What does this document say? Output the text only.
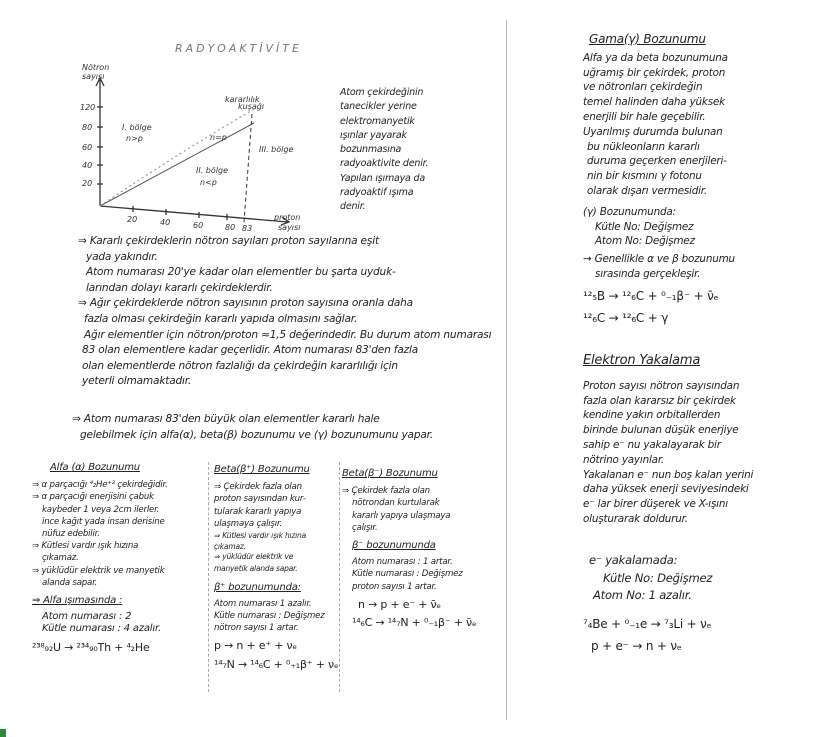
RADYOAKTİVİTE
Nötron
sayısı
proton
sayısı
120
80
60
40
20
20	40	60	80 83
kararlılık
kuşağı
n=p
I. bölge
n>p
II. bölge
n<p
III. bölge
Atom çekirdeğinin
tanecikler yerine
elektromanyetik
ışınlar yayarak
bozunmasına
radyoaktivite denir.
Yapılan ışımaya da
radyoaktif ışıma
denir.
⇒ Kararlı çekirdeklerin nötron sayıları proton sayılarına eşit
yada yakındır.
Atom numarası 20'ye kadar olan elementler bu şarta uyduk-
larından dolayı kararlı çekirdeklerdir.
⇒ Ağır çekirdeklerde nötron sayısının proton sayısına oranla daha
fazla olması çekirdeğin kararlı yapıda olmasını sağlar.
Ağır elementler için nötron/proton ≈1,5 değerindedir. Bu durum atom numarası
83 olan elementlere kadar geçerlidir. Atom numarası 83'den fazla
olan elementlerde nötron fazlalığı da çekirdeğin kararlılığı için
yeterli olmamaktadır.
⇒ Atom numarası 83'den büyük olan elementler kararlı hale
gelebilmek için alfa(α), beta(β) bozunumu ve (γ) bozunumunu yapar.
Alfa (α) Bozunumu
⇒ α parçacığı ⁴₂He⁺² çekirdeğidir.
⇒ α parçacığı enerjisini çabuk
kaybeder 1 veya 2cm ilerler.
ince kağıt yada insan derisine
nüfuz edebilir.
⇒ Kütlesi vardır ışık hızına
çıkamaz.
⇒ yüklüdür elektrik ve manyetik
alanda sapar.
⇒ Alfa ışımasında :
Atom numarası : 2
Kütle numarası : 4 azalır.
²³⁸₉₂U → ²³⁴₉₀Th + ⁴₂He
Beta(β⁺) Bozunumu
⇒ Çekirdek fazla olan
proton sayısından kur-
tularak kararlı yapıya
ulaşmaya çalışır.
⇒ Kütlesi vardır ışık hızına
çıkamaz.
⇒ yüklüdür elektrik ve
manyetik alanda sapar.
β⁺ bozunumunda:
Atom numarası 1 azalır.
Kütle numarası : Değişmez
nötron sayısı 1 artar.
p → n + e⁺ + νₑ
¹⁴₇N → ¹⁴₆C + ⁰₊₁β⁺ + νₑ
Beta(β⁻) Bozunumu
⇒ Çekirdek fazla olan
nötrondan kurtularak
kararlı yapıya ulaşmaya
çalışır.
β⁻ bozunumunda
Atom numarası : 1 artar.
Kütle numarası : Değişmez
proton sayısı 1 artar.
n → p + e⁻ + ν̄ₑ
¹⁴₆C → ¹⁴₇N + ⁰₋₁β⁻ + ν̄ₑ
Gama(γ) Bozunumu
Alfa ya da beta bozunumuna
uğramış bir çekirdek, proton
ve nötronları çekirdeğin
temel halinden daha yüksek
enerjili bir hale geçebilir.
Uyarılmış durumda bulunan
bu nükleonların kararlı
duruma geçerken enerjileri-
nin bir kısmını γ fotonu
olarak dışarı vermesidir.
(γ) Bozunumunda:
Kütle No: Değişmez
Atom No: Değişmez
→ Genellikle α ve β bozunumu
sırasında gerçekleşir.
¹²₅B → ¹²₆C + ⁰₋₁β⁻ + ν̄ₑ
¹²₆C → ¹²₆C + γ
Elektron Yakalama
Proton sayısı nötron sayısından
fazla olan kararsız bir çekirdek
kendine yakın orbitallerden
birinde bulunan düşük enerjiye
sahip e⁻ nu yakalayarak bir
nötrino yayınlar.
Yakalanan e⁻ nun boş kalan yerini
daha yüksek enerji seviyesindeki
e⁻ lar birer düşerek ve X-ışını
oluşturarak doldurur.
e⁻ yakalamada:
Kütle No: Değişmez
Atom No: 1 azalır.
⁷₄Be + ⁰₋₁e → ⁷₃Li + νₑ
p + e⁻ → n + νₑ
